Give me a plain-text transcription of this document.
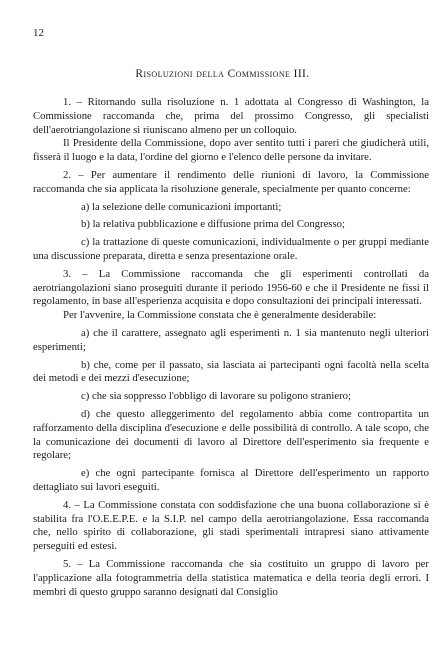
12
Risoluzioni della Commissione III.

1. – Ritornando sulla risoluzione n. 1 adottata al Congresso di Washington, la Commissione raccomanda che, prima del prossimo Congresso, gli specialisti dell'aerotriangolazione si riuniscano almeno per un colloquio.

Il Presidente della Commissione, dopo aver sentito tutti i pareri che giudicherà utili, fisserà il luogo e la data, l'ordine del giorno e l'elenco delle persone da invitare.

2. – Per aumentare il rendimento delle riunioni di lavoro, la Commissione raccomanda che sia applicata la risoluzione generale, specialmente per quanto concerne:

a) la selezione delle comunicazioni importanti;

b) la relativa pubblicazione e diffusione prima del Congresso;

c) la trattazione di queste comunicazioni, individualmente o per gruppi mediante una discussione preparata, diretta e senza presentazione orale.

3. – La Commissione raccomanda che gli esperimenti controllati da aerotriangolazioni siano proseguiti durante il periodo 1956-60 e che il Presidente ne fissi il regolamento, in base all'esperienza acquisita e dopo consultazioni dei principali interessati.

Per l'avvenire, la Commissione constata che è generalmente desiderabile:

a) che il carattere, assegnato agli esperimenti n. 1 sia mantenuto negli ulteriori esperimenti;

b) che, come per il passato, sia lasciata ai partecipanti ogni facoltà nella scelta dei metodi e dei mezzi d'esecuzione;

c) che sia soppresso l'obbligo di lavorare su poligono straniero;

d) che questo alleggerimento del regolamento abbia come contropartita un rafforzamento della disciplina d'esecuzione e delle possibilità di controllo. A tale scopo, che la comunicazione dei documenti di lavoro al Direttore dell'esperimento sia frequente e regolare;

e) che ogni partecipante fornisca al Direttore dell'esperimento un rapporto dettagliato sui lavori eseguiti.

4. – La Commissione constata con soddisfazione che una buona collaborazione si è stabilita fra l'O.E.E.P.E. e la S.I.P. nel campo della aerotriangolazione. Essa raccomanda che, nello spirito di collaborazione, gli stadi sperimentali intrapresi siano attivamente perseguiti ed estesi.

5. – La Commissione raccomanda che sia costituito un gruppo di lavoro per l'applicazione alla fotogrammetria della statistica matematica e della teoria degli errori. I membri di questo gruppo saranno designati dal Consiglio
